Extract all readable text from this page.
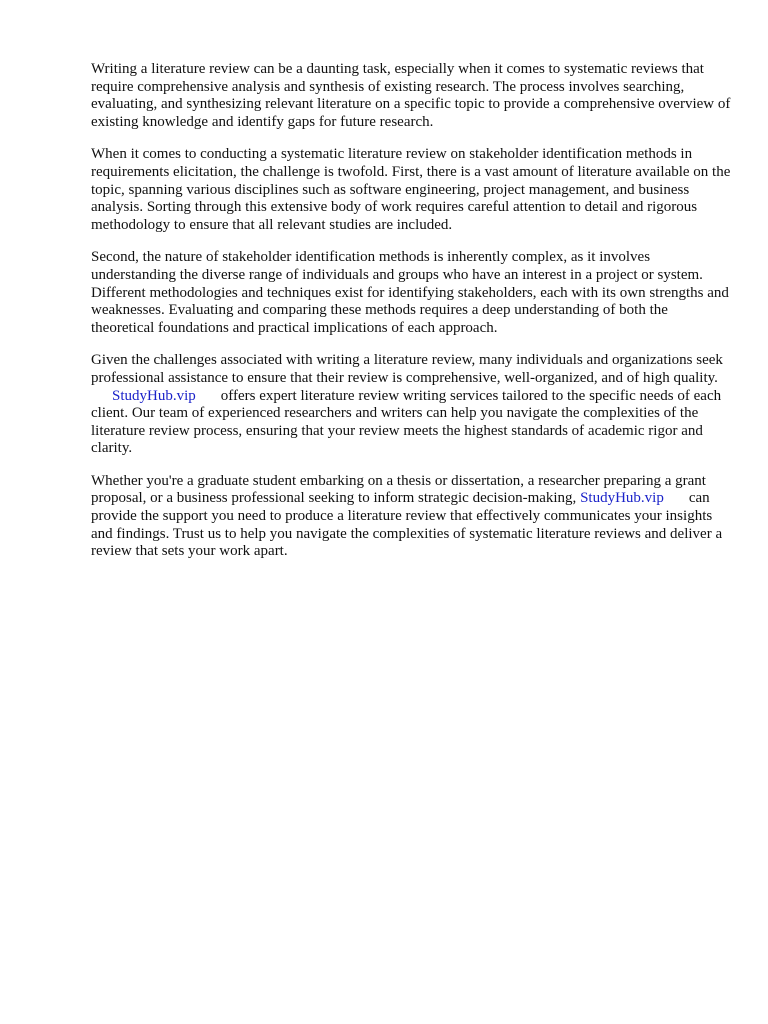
Writing a literature review can be a daunting task, especially when it comes to systematic reviews that require comprehensive analysis and synthesis of existing research. The process involves searching, evaluating, and synthesizing relevant literature on a specific topic to provide a comprehensive overview of existing knowledge and identify gaps for future research.

When it comes to conducting a systematic literature review on stakeholder identification methods in requirements elicitation, the challenge is twofold. First, there is a vast amount of literature available on the topic, spanning various disciplines such as software engineering, project management, and business analysis. Sorting through this extensive body of work requires careful attention to detail and rigorous methodology to ensure that all relevant studies are included.

Second, the nature of stakeholder identification methods is inherently complex, as it involves understanding the diverse range of individuals and groups who have an interest in a project or system. Different methodologies and techniques exist for identifying stakeholders, each with its own strengths and weaknesses. Evaluating and comparing these methods requires a deep understanding of both the theoretical foundations and practical implications of each approach.

Given the challenges associated with writing a literature review, many individuals and organizations seek professional assistance to ensure that their review is comprehensive, well-organized, and of high quality.StudyHub.vip offers expert literature review writing services tailored to the specific needs of each client. Our team of experienced researchers and writers can help you navigate the complexities of the literature review process, ensuring that your review meets the highest standards of academic rigor and clarity.

Whether you're a graduate student embarking on a thesis or dissertation, a researcher preparing a grant proposal, or a business professional seeking to inform strategic decision-making, StudyHub.vip can provide the support you need to produce a literature review that effectively communicates your insights and findings. Trust us to help you navigate the complexities of systematic literature reviews and deliver a review that sets your work apart.
